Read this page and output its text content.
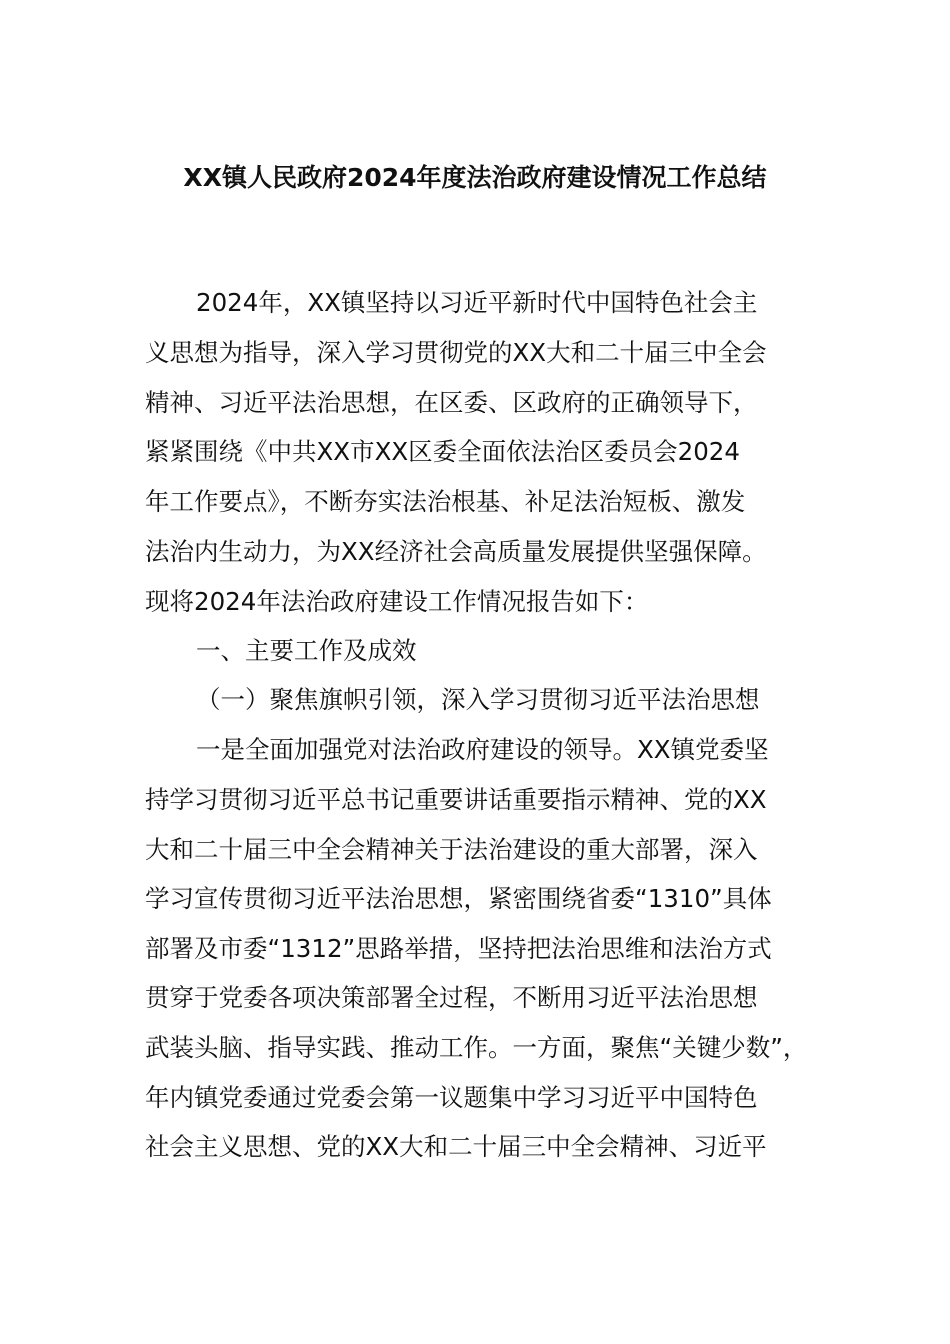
XX镇人民政府2024年度法治政府建设情况工作总结
2024年，XX镇坚持以习近平新时代中国特色社会主
义思想为指导，深入学习贯彻党的XX大和二十届三中全会
精神、习近平法治思想，在区委、区政府的正确领导下，
紧紧围绕《中共XX市XX区委全面依法治区委员会2024
年工作要点》，不断夯实法治根基、补足法治短板、激发
法治内生动力，为XX经济社会高质量发展提供坚强保障。
现将2024年法治政府建设工作情况报告如下：
一、主要工作及成效
（一）聚焦旗帜引领，深入学习贯彻习近平法治思想
一是全面加强党对法治政府建设的领导。XX镇党委坚
持学习贯彻习近平总书记重要讲话重要指示精神、党的XX
大和二十届三中全会精神关于法治建设的重大部署，深入
学习宣传贯彻习近平法治思想，紧密围绕省委“1310”具体
部署及市委“1312”思路举措，坚持把法治思维和法治方式
贯穿于党委各项决策部署全过程，不断用习近平法治思想
武装头脑、指导实践、推动工作。一方面，聚焦“关键少数”，
年内镇党委通过党委会第一议题集中学习习近平中国特色
社会主义思想、党的XX大和二十届三中全会精神、习近平
